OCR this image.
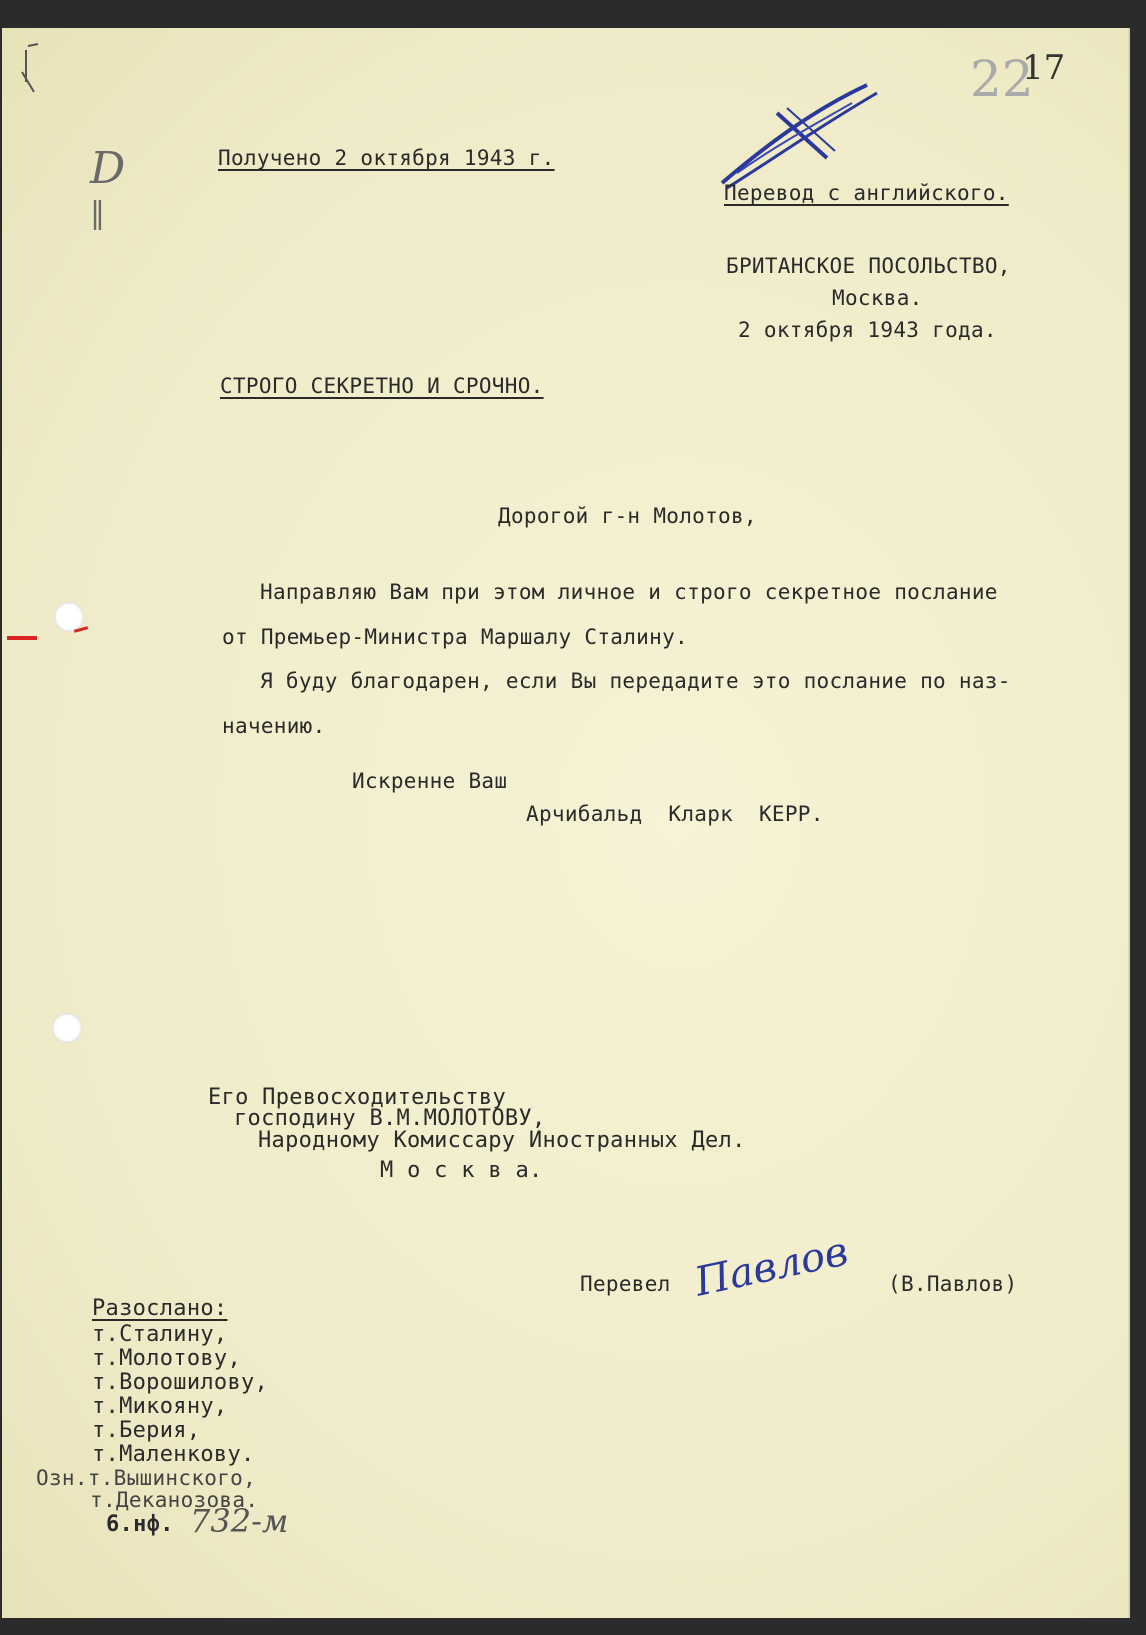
D
‖
22
17
Получено 2 октября 1943 г.
Перевод с английского.
БРИТАНСКОЕ ПОСОЛЬСТВО,
Москва.
2 октября 1943 года.
СТРОГО СЕКРЕТНО И СРОЧНО.
Дорогой г-н Молотов,
Направляю Вам при этом личное и строго секретное послание
от Премьер-Министра Маршалу Сталину.
Я буду благодарен, если Вы передадите это послание по наз-
начению.
Искренне Ваш
Арчибальд  Кларк  КЕРР.
Его Превосходительству
господину В.М.МОЛОТОВУ,
Народному Комиссару Иностранных Дел.
М о с к в а.
Перевел Павлов (В.Павлов)
Разослано:
т.Сталину,
т.Молотову,
т.Ворошилову,
т.Микояну,
т.Берия,
т.Маленкову.
Озн.т.Вышинского,
т.Деканозова.
6.нф. 732-м
